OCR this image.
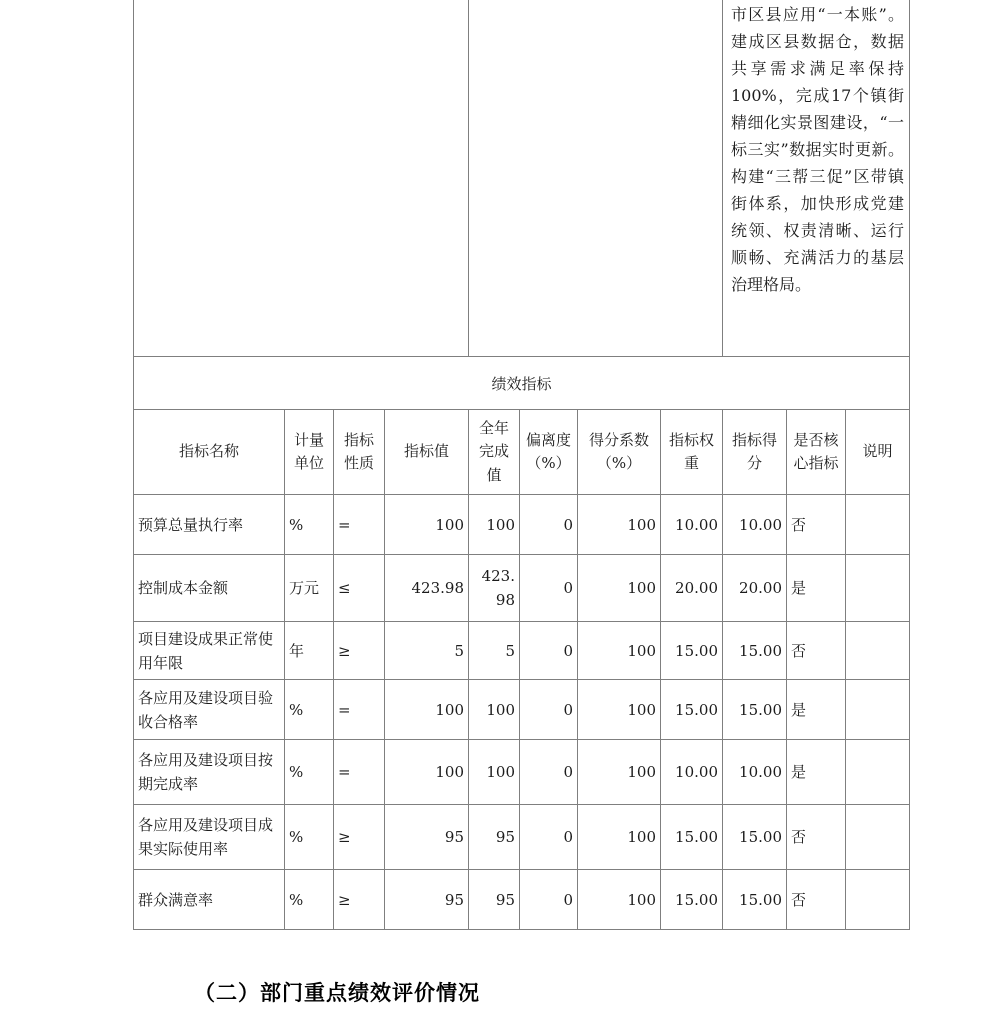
								市区县应用“一本账”。建成区县数据仓，数据共享需求满足率保持100%，完成17个镇街精细化实景图建设，“一标三实”数据实时更新。构建“三帮三促”区带镇街体系，加快形成党建统领、权责清晰、运行顺畅、充满活力的基层治理格局。		
绩效指标										
指标名称	计量单位	指标性质	指标值	全年完成值	偏离度（%）	得分系数（%）	指标权重	指标得分	是否核心指标	说明
预算总量执行率	%	=	100	100	0	100	10.00	10.00	否	
控制成本金额	万元	≤	423.98	423.98	0	100	20.00	20.00	是	
项目建设成果正常使用年限	年	≥	5	5	0	100	15.00	15.00	否	
各应用及建设项目验收合格率	%	=	100	100	0	100	15.00	15.00	是	
各应用及建设项目按期完成率	%	=	100	100	0	100	10.00	10.00	是	
各应用及建设项目成果实际使用率	%	≥	95	95	0	100	15.00	15.00	否	
群众满意率	%	≥	95	95	0	100	15.00	15.00	否	
（二）部门重点绩效评价情况
